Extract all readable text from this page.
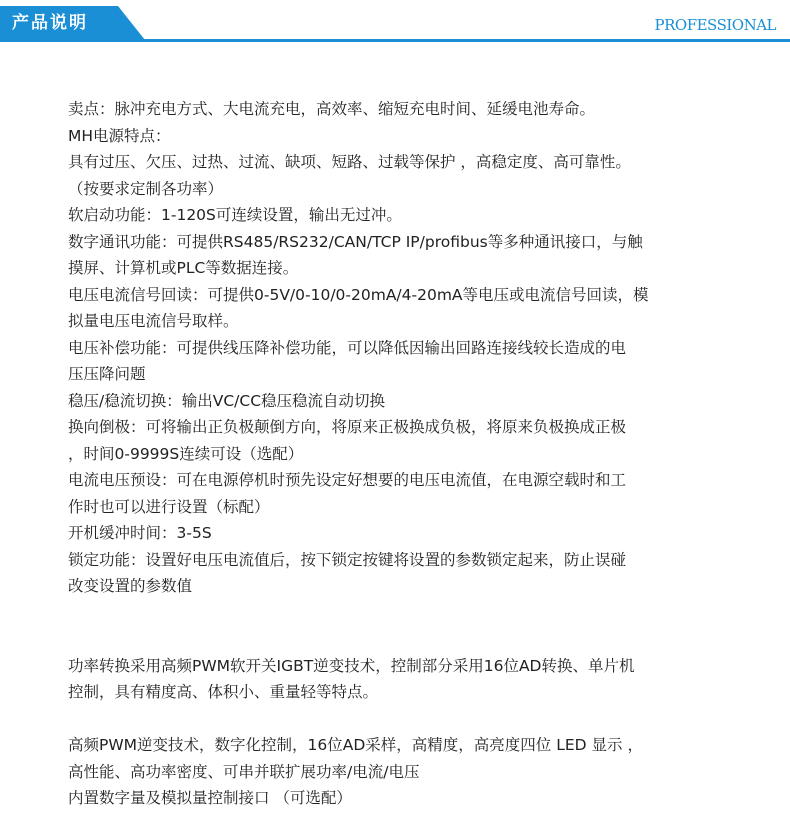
产品说明	PROFESSIONAL

卖点：脉冲充电方式、大电流充电，高效率、缩短充电时间、延缓电池寿命。

MH电源特点：

具有过压、欠压、过热、过流、缺项、短路、过载等保护 ，高稳定度、高可靠性。
（按要求定制各功率）

软启动功能：1-120S可连续设置，输出无过冲。

数字通讯功能：可提供RS485/RS232/CAN/TCP IP/profibus等多种通讯接口，与触
摸屏、计算机或PLC等数据连接。

电压电流信号回读：可提供0-5V/0-10/0-20mA/4-20mA等电压或电流信号回读，模
拟量电压电流信号取样。

电压补偿功能：可提供线压降补偿功能，可以降低因输出回路连接线较长造成的电
压压降问题

稳压/稳流切换：输出VC/CC稳压稳流自动切换

换向倒极：可将输出正负极颠倒方向，将原来正极换成负极，将原来负极换成正极
，时间0-9999S连续可设（选配）

电流电压预设：可在电源停机时预先设定好想要的电压电流值，在电源空载时和工
作时也可以进行设置（标配）

开机缓冲时间：3-5S

锁定功能：设置好电压电流值后，按下锁定按键将设置的参数锁定起来，防止误碰
改变设置的参数值

功率转换采用高频PWM软开关IGBT逆变技术，控制部分采用16位AD转换、单片机
控制，具有精度高、体积小、重量轻等特点。

高频PWM逆变技术，数字化控制，16位AD采样，高精度，高亮度四位 LED 显示 ，
高性能、高功率密度、可串并联扩展功率/电流/电压
内置数字量及模拟量控制接口 （可选配）
